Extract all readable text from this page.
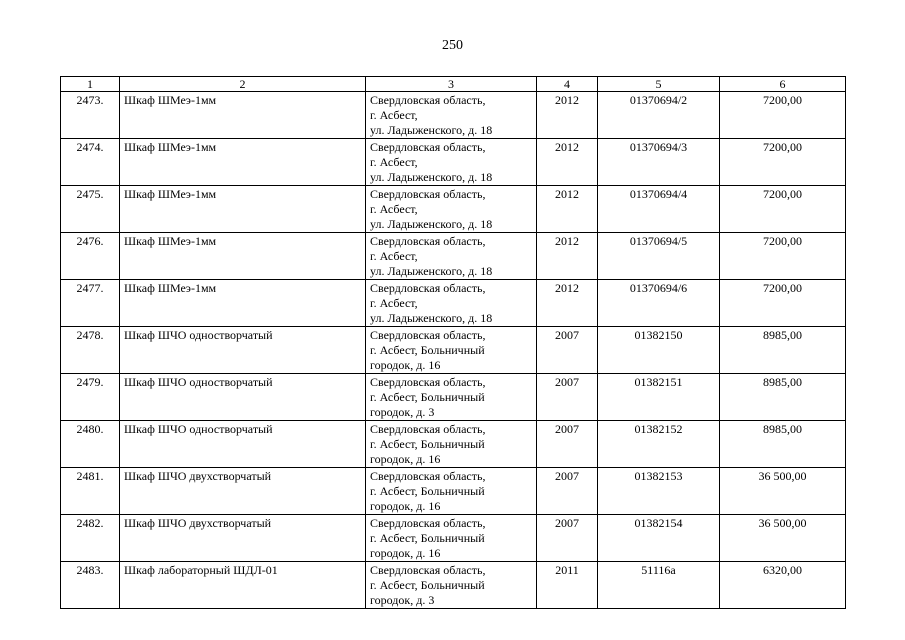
250
1	2	3	4	5	6
2473.	Шкаф ШМеэ-1мм	Свердловская область,
г. Асбест,
ул. Ладыженского, д. 18	2012	01370694/2	7200,00
2474.	Шкаф ШМеэ-1мм	Свердловская область,
г. Асбест,
ул. Ладыженского, д. 18	2012	01370694/3	7200,00
2475.	Шкаф ШМеэ-1мм	Свердловская область,
г. Асбест,
ул. Ладыженского, д. 18	2012	01370694/4	7200,00
2476.	Шкаф ШМеэ-1мм	Свердловская область,
г. Асбест,
ул. Ладыженского, д. 18	2012	01370694/5	7200,00
2477.	Шкаф ШМеэ-1мм	Свердловская область,
г. Асбест,
ул. Ладыженского, д. 18	2012	01370694/6	7200,00
2478.	Шкаф ШЧО одностворчатый	Свердловская область,
г. Асбест, Больничный
городок, д. 16	2007	01382150	8985,00
2479.	Шкаф ШЧО одностворчатый	Свердловская область,
г. Асбест, Больничный
городок, д. 3	2007	01382151	8985,00
2480.	Шкаф ШЧО одностворчатый	Свердловская область,
г. Асбест, Больничный
городок, д. 16	2007	01382152	8985,00
2481.	Шкаф ШЧО двухстворчатый	Свердловская область,
г. Асбест, Больничный
городок, д. 16	2007	01382153	36 500,00
2482.	Шкаф ШЧО двухстворчатый	Свердловская область,
г. Асбест, Больничный
городок, д. 16	2007	01382154	36 500,00
2483.	Шкаф лабораторный ШДЛ-01	Свердловская область,
г. Асбест, Больничный
городок, д. 3	2011	51116а	6320,00
